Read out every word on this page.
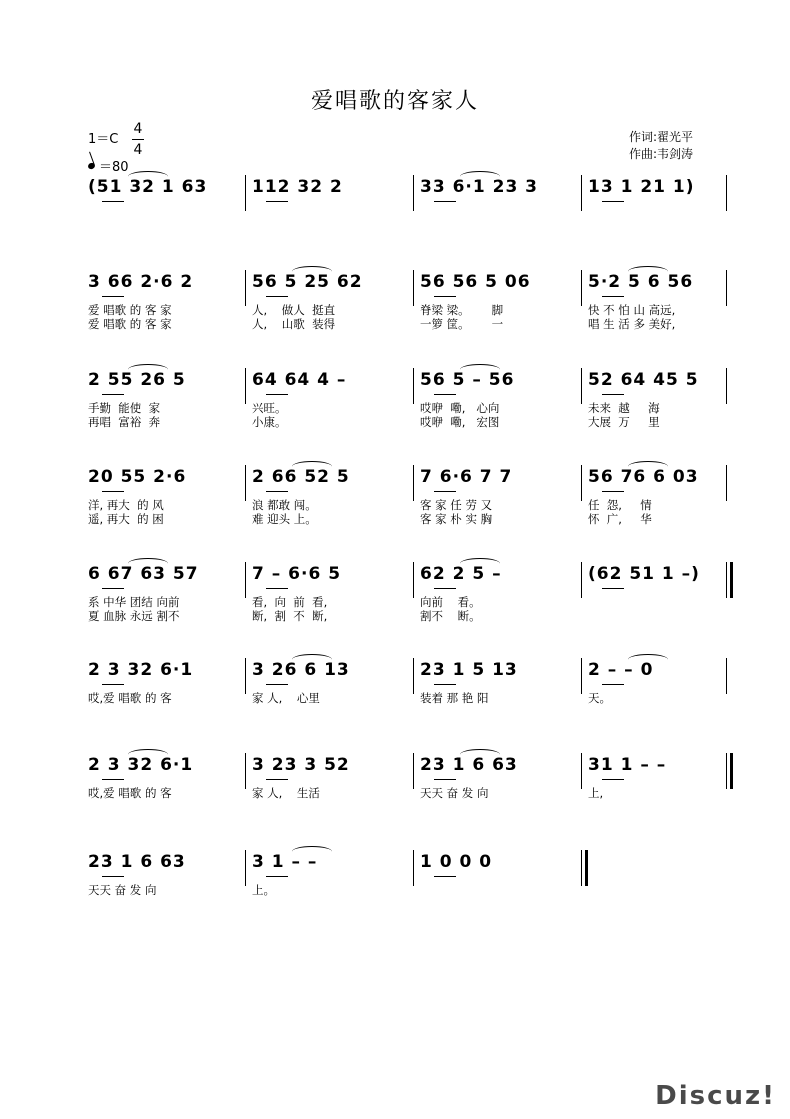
爱唱歌的客家人
1＝C
4
4
＝80
作词:翟光平
作曲:韦剑涛
(51 32 1 63	112 32 2	33 6·1 23 3	13 1 21 1)
3 66 2·6 2
爱 唱歌 的 客 家
爱 唱歌 的 客 家
56 5 25 62
人,    做人  挺直
人,    山歌  装得
56 56 5 06
脊梁 梁。      脚
一箩 筐。      一
5·2 5 6 56
快 不 怕 山 高远,
唱 生 活 多 美好,
2 55 26 5
手勤  能使  家
再唱  富裕  奔
64 64 4 –
兴旺。
小康。
56 5 – 56
哎咿  嘞,   心向
哎咿  嘞,   宏图
52 64 45 5
未来  越     海
大展  万     里
20 55 2·6
洋, 再大  的 风
遥, 再大  的 困
2 66 52 5
浪 都敢 闯。
难 迎头 上。
7 6·6 7 7
客 家 任 劳 又
客 家 朴 实 胸
56 76 6 03
任  怨,     情
怀  广,     华
6 67 63 57
系 中华 团结 向前
夏 血脉 永远 割不
7 – 6·6 5
看,  向  前  看,
断,  割  不  断,
62 2 5 –
向前    看。
割不    断。
(62 51 1 –)
2 3 32 6·1
哎,爱 唱歌 的 客
3 26 6 13
家 人,    心里
23 1 5 13
装着 那 艳 阳
2 – – 0
天。
2 3 32 6·1
哎,爱 唱歌 的 客
3 23 3 52
家 人,    生活
23 1 6 63
天天 奋 发 向
31 1 – –
上,
23 1 6 63
天天 奋 发 向
3 1 – –
上。
1 0 0 0
Discuz!
